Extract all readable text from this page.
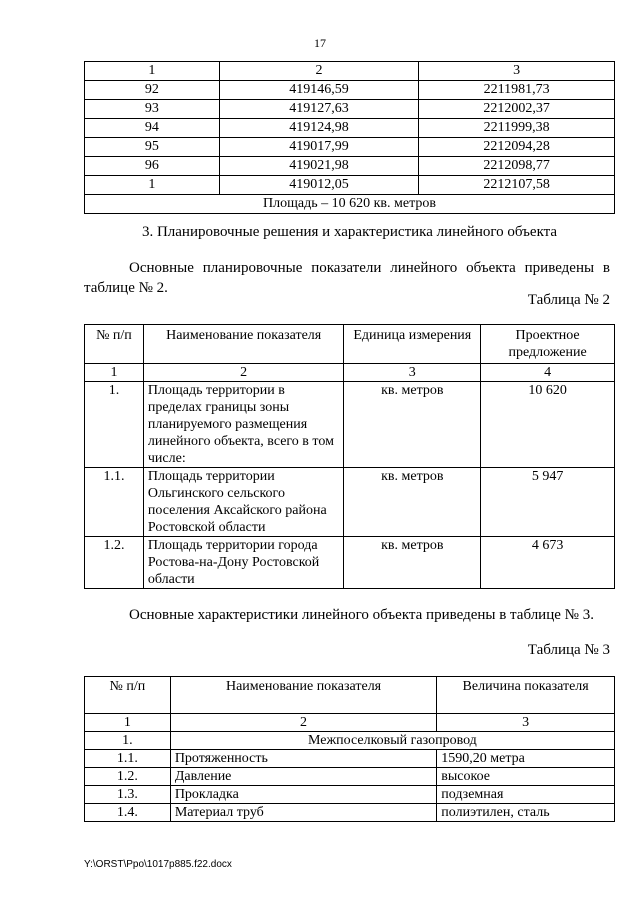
17
1	2	3
92	419146,59	2211981,73
93	419127,63	2212002,37
94	419124,98	2211999,38
95	419017,99	2212094,28
96	419021,98	2212098,77
1	419012,05	2212107,58
Площадь – 10 620 кв. метров		
3. Планировочные решения и характеристика линейного объекта
Основные планировочные показатели линейного объекта приведены в таблице № 2.
Таблица № 2
№ п/п	Наименование показателя	Единица измерения	Проектное предложение
1	2	3	4
1.	Площадь территории в пределах границы зоны планируемого размещения линейного объекта, всего в том числе:	кв. метров	10 620
1.1.	Площадь территории Ольгинского сельского поселения Аксайского района Ростовской области	кв. метров	5 947
1.2.	Площадь территории города Ростова-на-Дону Ростовской области	кв. метров	4 673
Основные характеристики линейного объекта приведены в таблице № 3.
Таблица № 3
№ п/п	Наименование показателя	Величина показателя
1	2	3
1.	Межпоселковый газопровод	
1.1.	Протяженность	1590,20 метра
1.2.	Давление	высокое
1.3.	Прокладка	подземная
1.4.	Материал труб	полиэтилен, сталь
Y:\ORST\Ppo\1017p885.f22.docx
